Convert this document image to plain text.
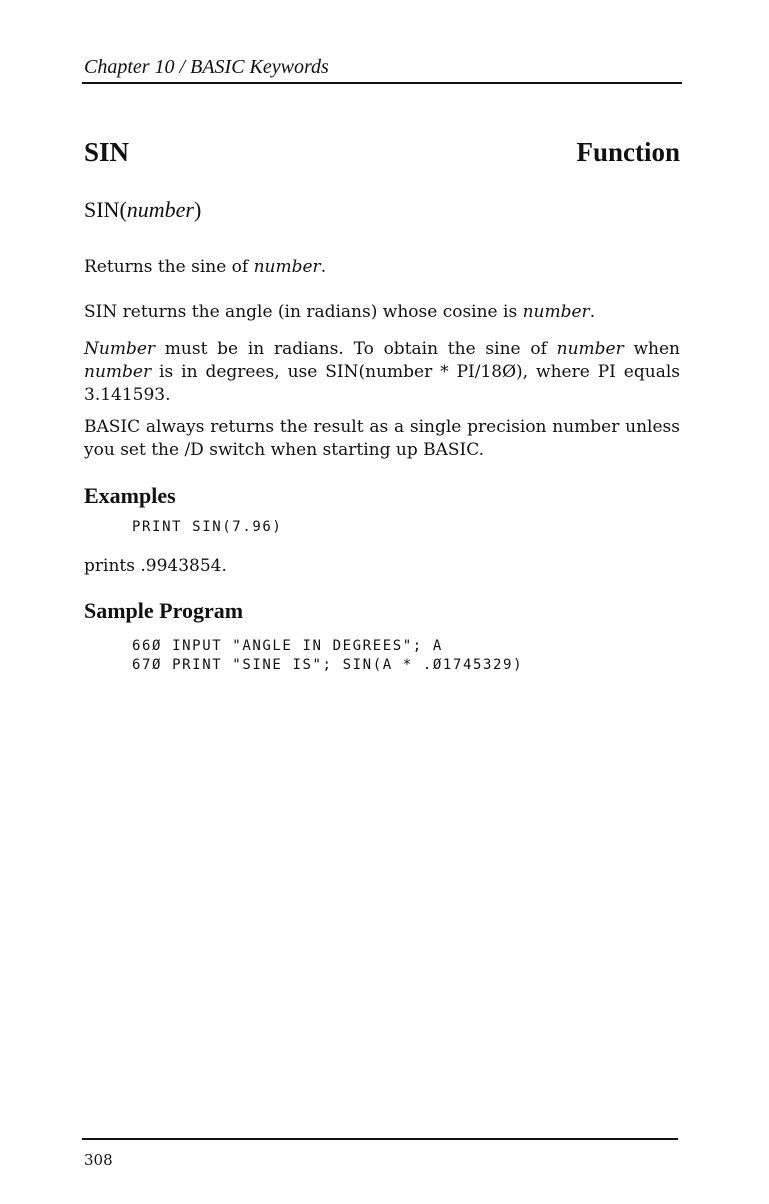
Chapter 10 / BASIC Keywords
SIN	Function
SIN(number)

Returns the sine of number.

SIN returns the angle (in radians) whose cosine is number.

Number must be in radians. To obtain the sine of number when number is in degrees, use SIN(number * PI/18Ø), where PI equals 3.141593.

BASIC always returns the result as a single precision number unless you set the /D switch when starting up BASIC.

Examples
PRINT SIN(7.96)

prints .9943854.

Sample Program
66Ø INPUT "ANGLE IN DEGREES"; A
67Ø PRINT "SINE IS"; SIN(A * .Ø1745329)
308
